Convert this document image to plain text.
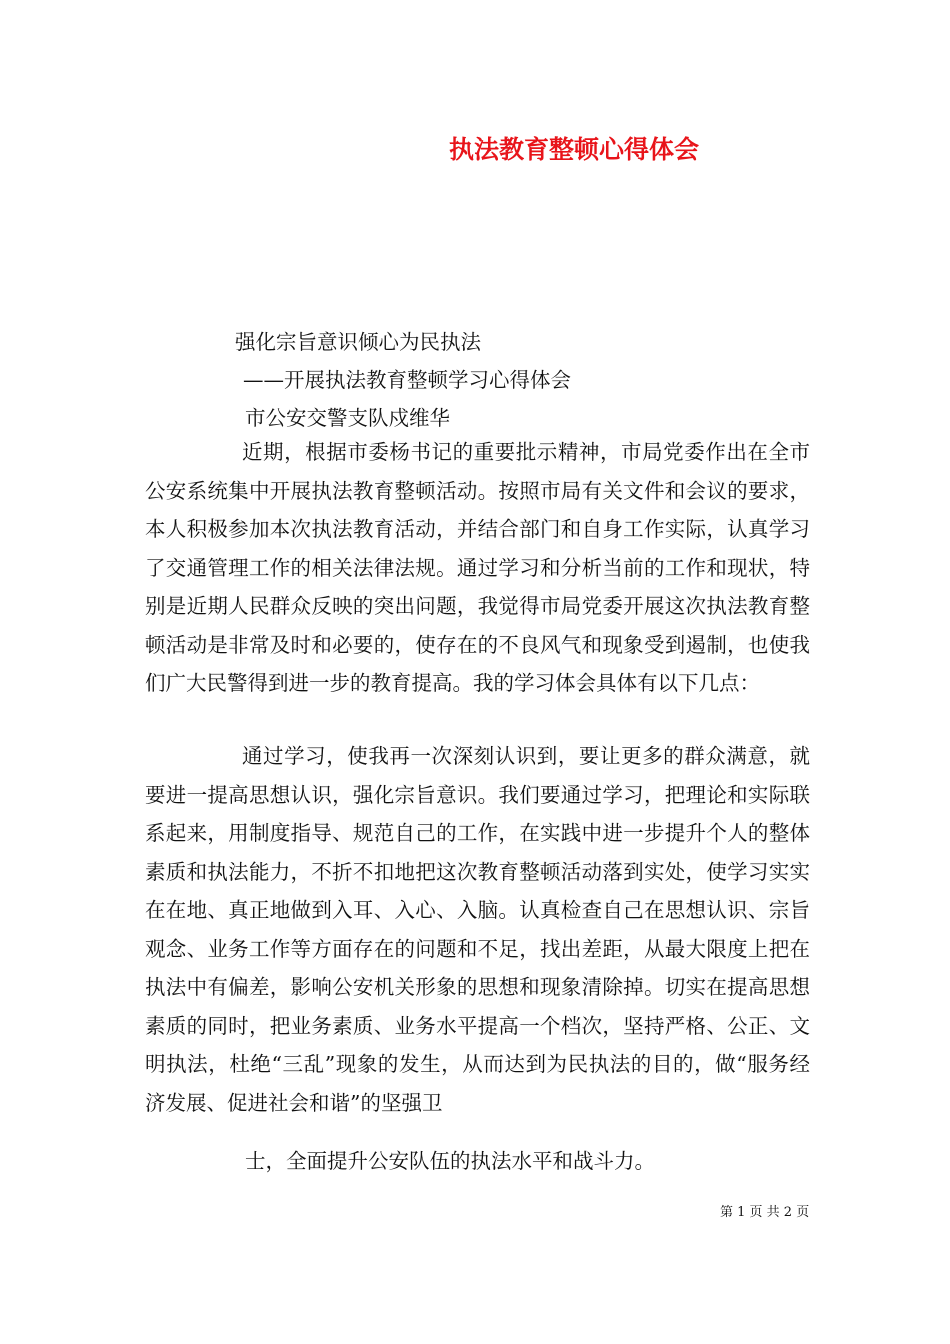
执法教育整顿心得体会
强化宗旨意识倾心为民执法
——开展执法教育整顿学习心得体会
市公安交警支队戍维华

近期，根据市委杨书记的重要批示精神，市局党委作出在全市公安系统集中开展执法教育整顿活动。按照市局有关文件和会议的要求，本人积极参加本次执法教育活动，并结合部门和自身工作实际，认真学习了交通管理工作的相关法律法规。通过学习和分析当前的工作和现状，特别是近期人民群众反映的突出问题，我觉得市局党委开展这次执法教育整顿活动是非常及时和必要的，使存在的不良风气和现象受到遏制，也使我们广大民警得到进一步的教育提高。我的学习体会具体有以下几点：

通过学习，使我再一次深刻认识到，要让更多的群众满意，就要进一提高思想认识，强化宗旨意识。我们要通过学习，把理论和实际联系起来，用制度指导、规范自己的工作，在实践中进一步提升个人的整体素质和执法能力，不折不扣地把这次教育整顿活动落到实处，使学习实实在在地、真正地做到入耳、入心、入脑。认真检查自己在思想认识、宗旨观念、业务工作等方面存在的问题和不足，找出差距，从最大限度上把在执法中有偏差，影响公安机关形象的思想和现象清除掉。切实在提高思想素质的同时，把业务素质、业务水平提高一个档次，坚持严格、公正、文明执法，杜绝“三乱”现象的发生，从而达到为民执法的目的，做“服务经济发展、促进社会和谐”的坚强卫

士，全面提升公安队伍的执法水平和战斗力。
第 1 页 共 2 页
